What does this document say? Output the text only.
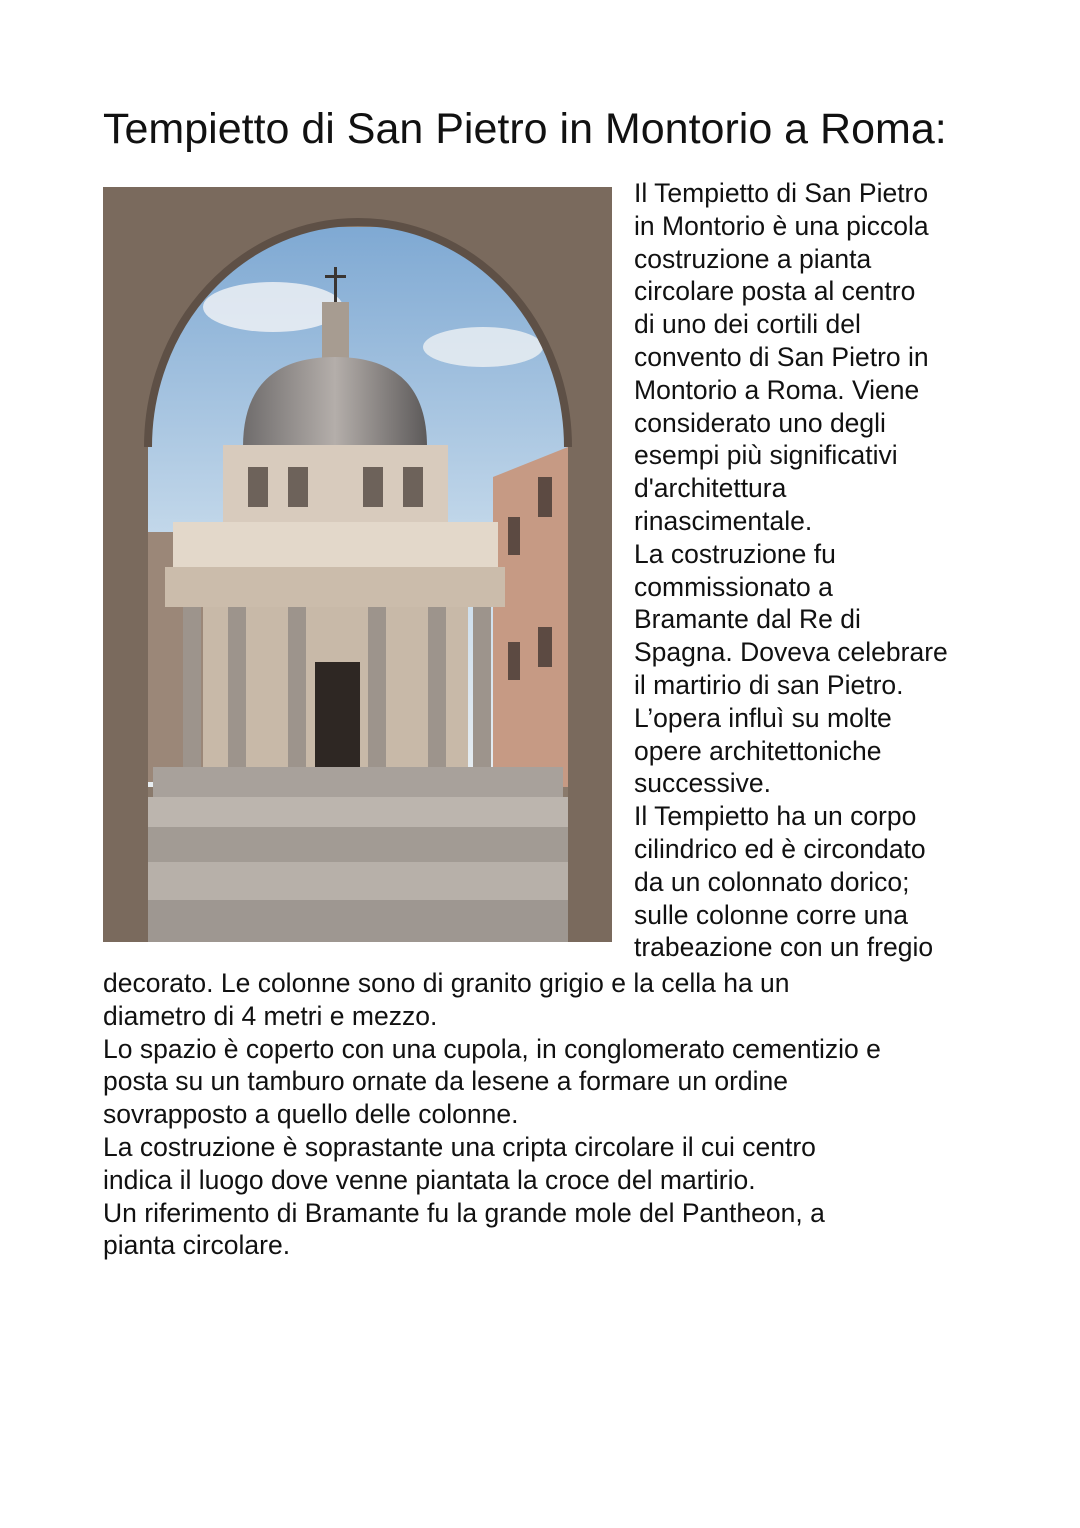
Tempietto di San Pietro in Montorio a Roma:
Il Tempietto di San Pietro
in Montorio è una piccola
costruzione a pianta
circolare posta al centro
di uno dei cortili del
convento di San Pietro in
Montorio a Roma. Viene
considerato uno degli
esempi più significativi
d'architettura
rinascimentale.
La costruzione fu
commissionato a
Bramante dal Re di
Spagna. Doveva celebrare
il martirio di san Pietro.
L’opera influì su molte
opere architettoniche
successive.
Il Tempietto ha un corpo
cilindrico ed è circondato
da un colonnato dorico;
sulle colonne corre una
trabeazione con un fregio
decorato. Le colonne sono di granito grigio e la cella ha un
diametro di 4 metri e mezzo.
Lo spazio è coperto con una cupola, in conglomerato cementizio e
posta su un tamburo ornate da lesene a formare un ordine
sovrapposto a quello delle colonne.
La costruzione è soprastante una cripta circolare il cui centro
indica il luogo dove venne piantata la croce del martirio.
Un riferimento di Bramante fu la grande mole del Pantheon, a
pianta circolare.
